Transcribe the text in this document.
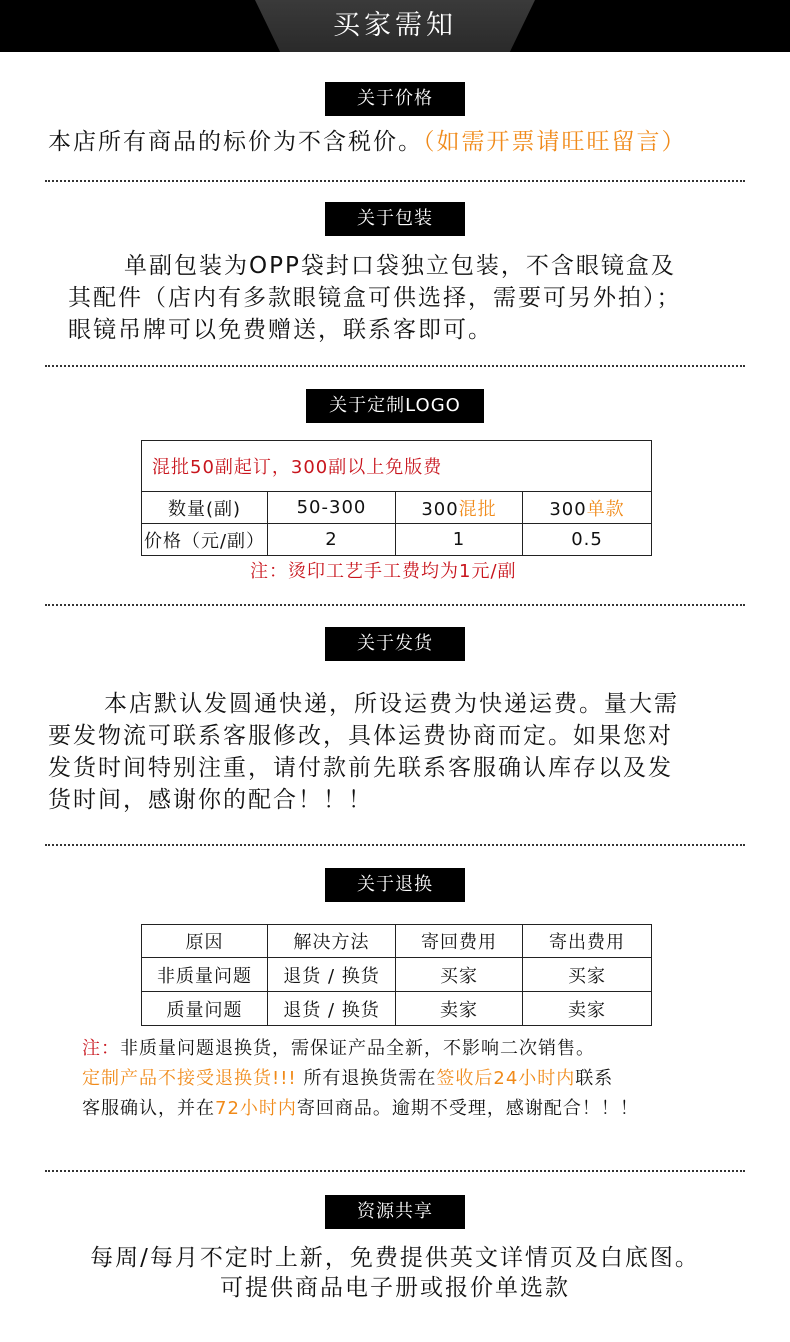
买家需知
关于价格
本店所有商品的标价为不含税价。（如需开票请旺旺留言）
关于包装
单副包装为OPP袋封口袋独立包装，不含眼镜盒及
其配件（店内有多款眼镜盒可供选择，需要可另外拍）；
眼镜吊牌可以免费赠送，联系客即可。
关于定制LOGO
混批50副起订，300副以上免版费			
数量(副)	50-300	300混批	300单款
价格（元/副）	2	1	0.5
注：烫印工艺手工费均为1元/副
关于发货
本店默认发圆通快递，所设运费为快递运费。量大需
要发物流可联系客服修改，具体运费协商而定。如果您对
发货时间特别注重，请付款前先联系客服确认库存以及发
货时间，感谢你的配合！！！
关于退换
原因	解决方法	寄回费用	寄出费用
非质量问题	退货 / 换货	买家	买家
质量问题	退货 / 换货	卖家	卖家
注：非质量问题退换货，需保证产品全新，不影响二次销售。
定制产品不接受退换货!!! 所有退换货需在签收后24小时内联系
客服确认，并在72小时内寄回商品。逾期不受理，感谢配合！！！
资源共享
每周/每月不定时上新，免费提供英文详情页及白底图。
可提供商品电子册或报价单选款
